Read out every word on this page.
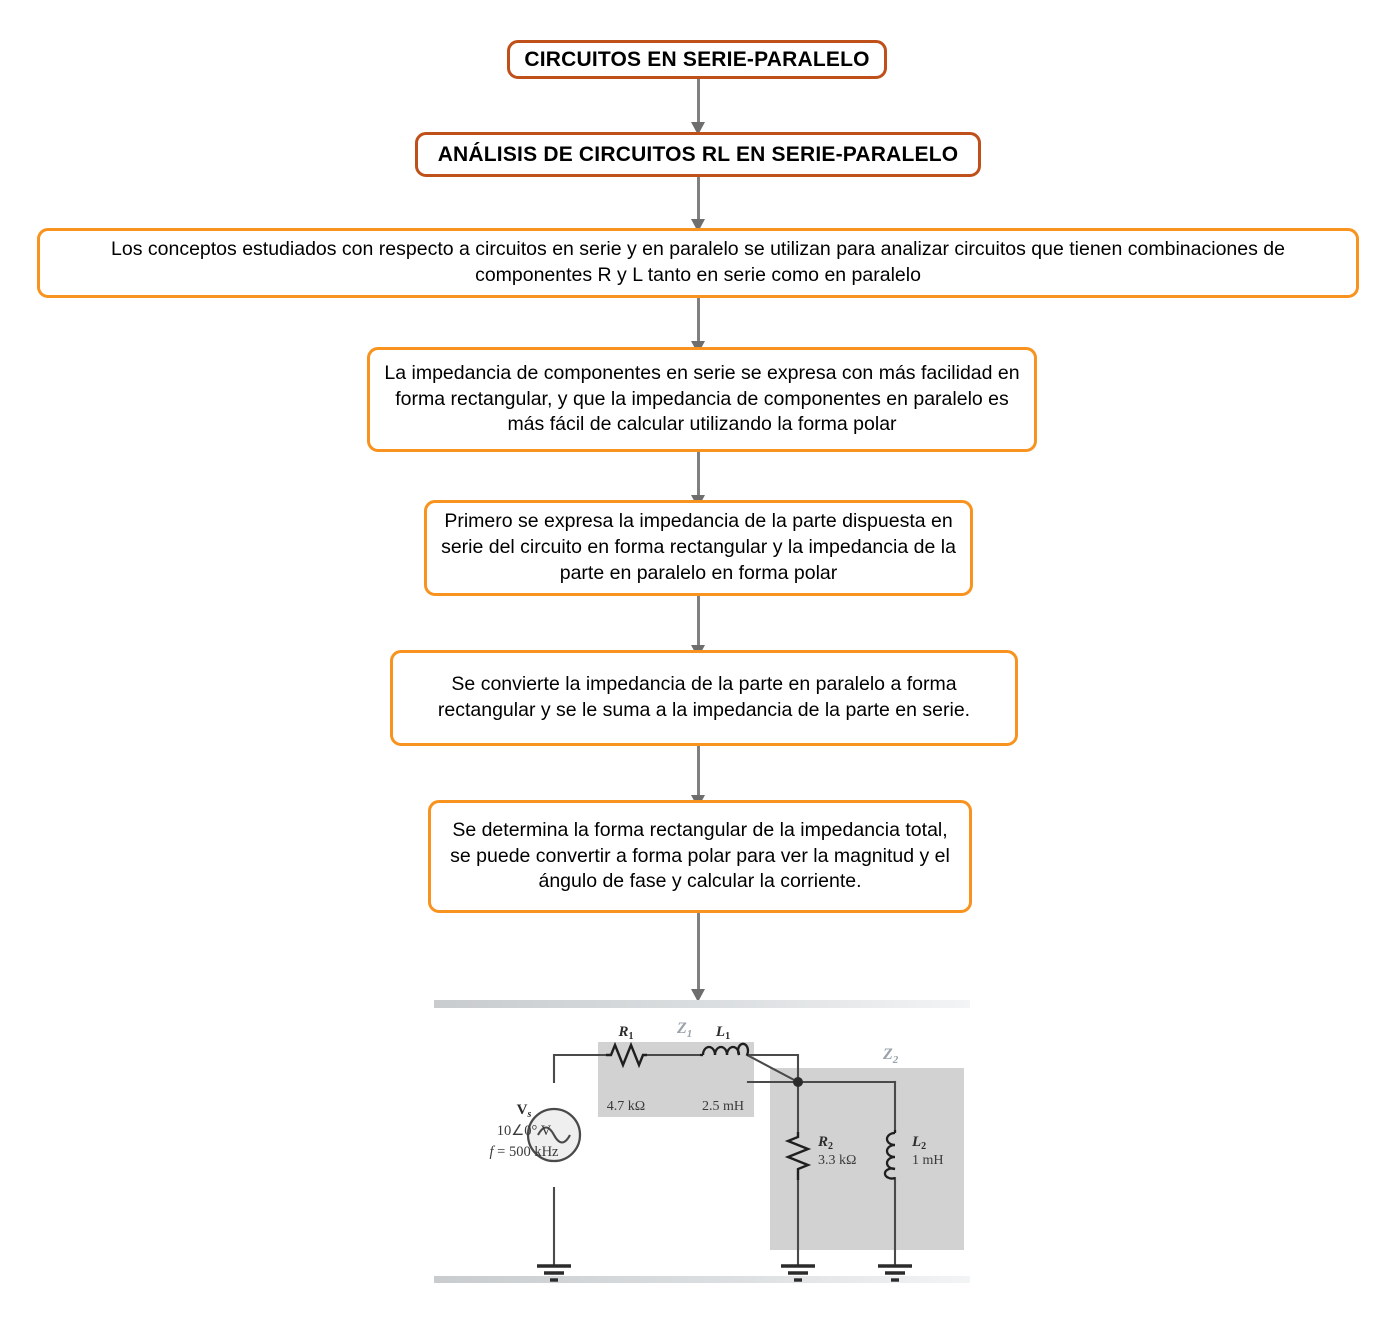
CIRCUITOS EN SERIE-PARALELO
ANÁLISIS DE CIRCUITOS RL EN SERIE-PARALELO
Los conceptos estudiados con respecto a circuitos en serie y en paralelo se utilizan para analizar circuitos que tienen combinaciones de componentes R y L tanto en serie como en paralelo
La impedancia de componentes en serie se expresa con más facilidad en forma rectangular, y que la impedancia de componentes en paralelo es más fácil de calcular utilizando la forma polar
Primero se expresa la impedancia de la parte dispuesta en serie del circuito en forma rectangular y la impedancia de la parte en paralelo en forma polar
Se convierte la impedancia de la parte en paralelo a forma rectangular y se le suma a la impedancia de la parte en serie.
Se determina la forma rectangular de la impedancia total, se puede convertir a forma polar para ver la magnitud y el ángulo de fase y calcular la corriente.
$Z_1$
$Z_2$
$V_s$
10∠0° V
f = 500 kHz
$R_1$
4.7 kΩ
$L_1$
2.5 mH
$R_2$
3.3 kΩ
$L_2$
1 mH
